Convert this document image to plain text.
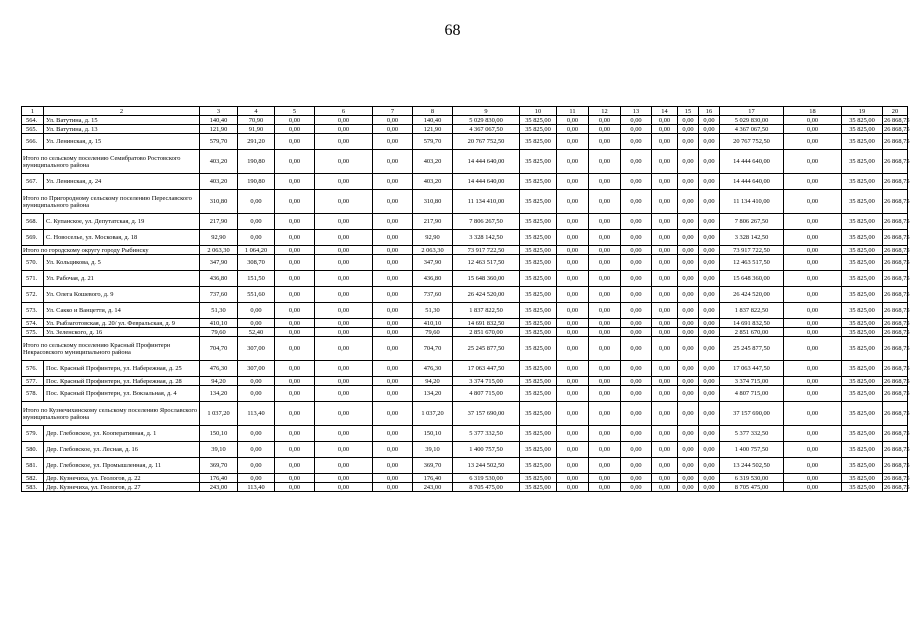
68
1	2	3	4	5	6	7	8	9	10	11	12	13	14	15	16	17	18	19	20
564.	Ул. Ватутина, д. 15	140,40	70,90	0,00	0,00	0,00	140,40	5 029 830,00	35 825,00	0,00	0,00	0,00	0,00	0,00	0,00	5 029 830,00	0,00	35 825,00	26 868,75
565.	Ул. Ватутина, д. 13	121,90	91,90	0,00	0,00	0,00	121,90	4 367 067,50	35 825,00	0,00	0,00	0,00	0,00	0,00	0,00	4 367 067,50	0,00	35 825,00	26 868,75
566.	Ул. Ленинская, д. 15	579,70	291,20	0,00	0,00	0,00	579,70	20 767 752,50	35 825,00	0,00	0,00	0,00	0,00	0,00	0,00	20 767 752,50	0,00	35 825,00	26 868,75
Итого по сельскому поселению Семибратово Ростовского муниципального района		403,20	190,80	0,00	0,00	0,00	403,20	14 444 640,00	35 825,00	0,00	0,00	0,00	0,00	0,00	0,00	14 444 640,00	0,00	35 825,00	26 868,75
567.	Ул. Ленинская, д. 24	403,20	190,80	0,00	0,00	0,00	403,20	14 444 640,00	35 825,00	0,00	0,00	0,00	0,00	0,00	0,00	14 444 640,00	0,00	35 825,00	26 868,75
Итого по Пригородному сельскому поселению Переславского муниципального района		310,80	0,00	0,00	0,00	0,00	310,80	11 134 410,00	35 825,00	0,00	0,00	0,00	0,00	0,00	0,00	11 134 410,00	0,00	35 825,00	26 868,75
568.	С. Купанское, ул. Депутатская, д. 19	217,90	0,00	0,00	0,00	0,00	217,90	7 806 267,50	35 825,00	0,00	0,00	0,00	0,00	0,00	0,00	7 806 267,50	0,00	35 825,00	26 868,75
569.	С. Новоселье, ул. Московая, д. 18	92,90	0,00	0,00	0,00	0,00	92,90	3 328 142,50	35 825,00	0,00	0,00	0,00	0,00	0,00	0,00	3 328 142,50	0,00	35 825,00	26 868,75
Итого по городскому округу городу Рыбинску		2 063,30	1 064,20	0,00	0,00	0,00	2 063,30	73 917 722,50	35 825,00	0,00	0,00	0,00	0,00	0,00	0,00	73 917 722,50	0,00	35 825,00	26 868,75
570.	Ул. Кольцикова, д. 5	347,90	308,70	0,00	0,00	0,00	347,90	12 463 517,50	35 825,00	0,00	0,00	0,00	0,00	0,00	0,00	12 463 517,50	0,00	35 825,00	26 868,75
571.	Ул. Рабочая, д. 21	436,80	151,50	0,00	0,00	0,00	436,80	15 648 360,00	35 825,00	0,00	0,00	0,00	0,00	0,00	0,00	15 648 360,00	0,00	35 825,00	26 868,75
572.	Ул. Олега Кошевого, д. 9	737,60	551,60	0,00	0,00	0,00	737,60	26 424 520,00	35 825,00	0,00	0,00	0,00	0,00	0,00	0,00	26 424 520,00	0,00	35 825,00	26 868,75
573.	Ул. Сакко и Ванцетти, д. 14	51,30	0,00	0,00	0,00	0,00	51,30	1 837 822,50	35 825,00	0,00	0,00	0,00	0,00	0,00	0,00	1 837 822,50	0,00	35 825,00	26 868,75
574.	Ул. Рыбзаготовская, д. 20/ ул. Февральская, д. 9	410,10	0,00	0,00	0,00	0,00	410,10	14 691 832,50	35 825,00	0,00	0,00	0,00	0,00	0,00	0,00	14 691 832,50	0,00	35 825,00	26 868,75
575.	Ул. Зеленского, д. 16	79,60	52,40	0,00	0,00	0,00	79,60	2 851 670,00	35 825,00	0,00	0,00	0,00	0,00	0,00	0,00	2 851 670,00	0,00	35 825,00	26 868,75
Итого по сельскому поселению Красный Профинтерн Некрасовского муниципального района		704,70	307,00	0,00	0,00	0,00	704,70	25 245 877,50	35 825,00	0,00	0,00	0,00	0,00	0,00	0,00	25 245 877,50	0,00	35 825,00	26 868,75
576.	Пос. Красный Профинтерн, ул. Набережная, д. 25	476,30	307,00	0,00	0,00	0,00	476,30	17 063 447,50	35 825,00	0,00	0,00	0,00	0,00	0,00	0,00	17 063 447,50	0,00	35 825,00	26 868,75
577.	Пос. Красный Профинтерн, ул. Набережная, д. 28	94,20	0,00	0,00	0,00	0,00	94,20	3 374 715,00	35 825,00	0,00	0,00	0,00	0,00	0,00	0,00	3 374 715,00	0,00	35 825,00	26 868,75
578.	Пос. Красный Профинтерн, ул. Вокзальная, д. 4	134,20	0,00	0,00	0,00	0,00	134,20	4 807 715,00	35 825,00	0,00	0,00	0,00	0,00	0,00	0,00	4 807 715,00	0,00	35 825,00	26 868,75
Итого по Кузнечихинскому сельскому поселению Ярославского муниципального района		1 037,20	113,40	0,00	0,00	0,00	1 037,20	37 157 690,00	35 825,00	0,00	0,00	0,00	0,00	0,00	0,00	37 157 690,00	0,00	35 825,00	26 868,75
579.	Дер. Глебовское, ул. Кооперативная, д. 1	150,10	0,00	0,00	0,00	0,00	150,10	5 377 332,50	35 825,00	0,00	0,00	0,00	0,00	0,00	0,00	5 377 332,50	0,00	35 825,00	26 868,75
580.	Дер. Глебовское, ул. Лесная, д. 16	39,10	0,00	0,00	0,00	0,00	39,10	1 400 757,50	35 825,00	0,00	0,00	0,00	0,00	0,00	0,00	1 400 757,50	0,00	35 825,00	26 868,75
581.	Дер. Глебовское, ул. Промышленная, д. 11	369,70	0,00	0,00	0,00	0,00	369,70	13 244 502,50	35 825,00	0,00	0,00	0,00	0,00	0,00	0,00	13 244 502,50	0,00	35 825,00	26 868,75
582.	Дер. Кузнечиха, ул. Геологов, д. 22	176,40	0,00	0,00	0,00	0,00	176,40	6 319 530,00	35 825,00	0,00	0,00	0,00	0,00	0,00	0,00	6 319 530,00	0,00	35 825,00	26 868,75
583.	Дер. Кузнечиха, ул. Геологов, д. 27	243,00	113,40	0,00	0,00	0,00	243,00	8 705 475,00	35 825,00	0,00	0,00	0,00	0,00	0,00	0,00	8 705 475,00	0,00	35 825,00	26 868,75
